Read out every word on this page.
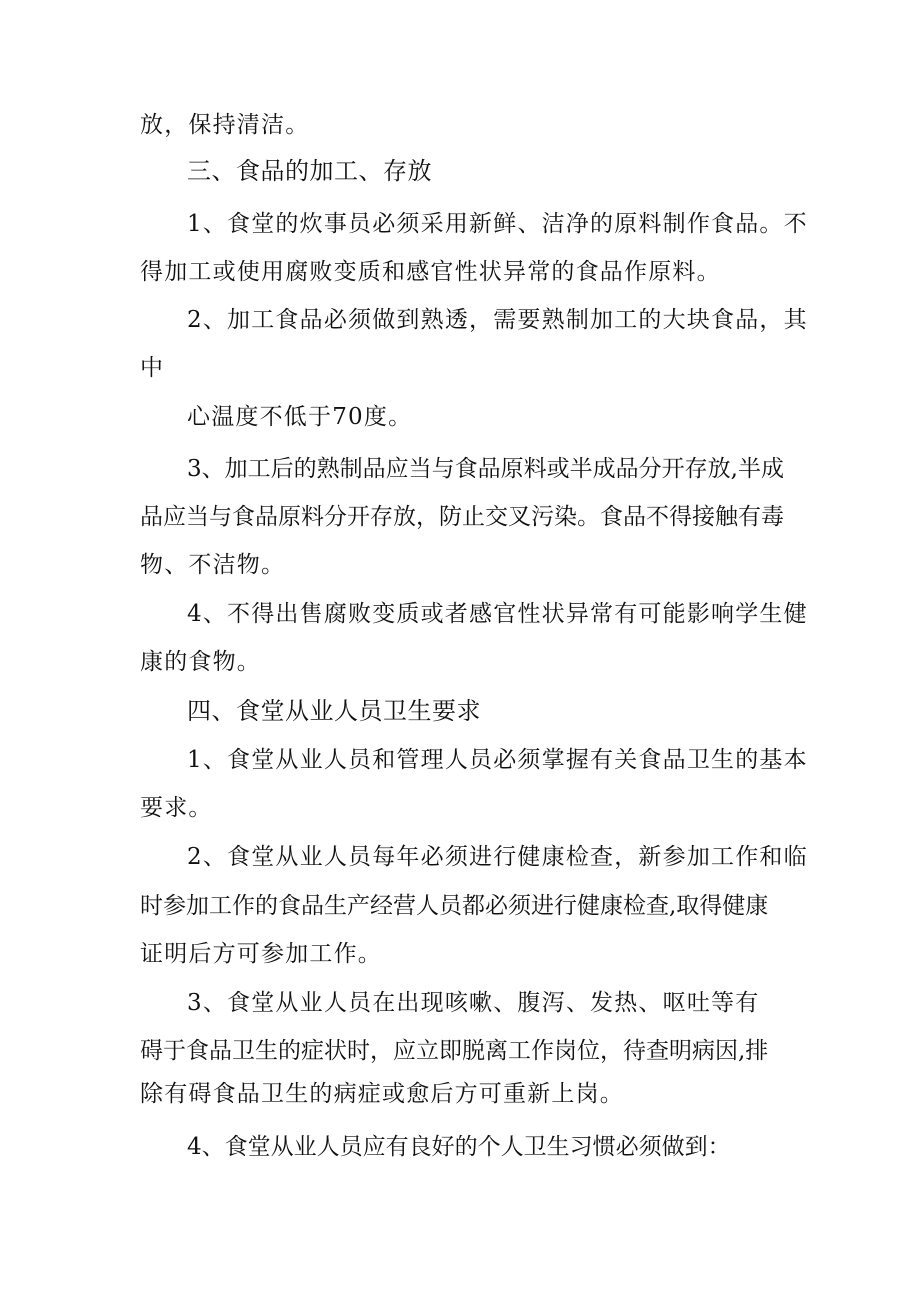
放，保持清洁。
三、食品的加工、存放
1、食堂的炊事员必须采用新鲜、洁净的原料制作食品。不
得加工或使用腐败变质和感官性状异常的食品作原料。
2、加工食品必须做到熟透，需要熟制加工的大块食品，其
中
心温度不低于70度。
3、加工后的熟制品应当与食品原料或半成品分开存放,半成
品应当与食品原料分开存放，防止交叉污染。食品不得接触有毒
物、不洁物。
4、不得出售腐败变质或者感官性状异常有可能影响学生健
康的食物。
四、食堂从业人员卫生要求
1、食堂从业人员和管理人员必须掌握有关食品卫生的基本
要求。
2、食堂从业人员每年必须进行健康检查，新参加工作和临
时参加工作的食品生产经营人员都必须进行健康检查,取得健康
证明后方可参加工作。
3、食堂从业人员在出现咳嗽、腹泻、发热、呕吐等有
碍于食品卫生的症状时，应立即脱离工作岗位，待查明病因,排
除有碍食品卫生的病症或愈后方可重新上岗。
4、食堂从业人员应有良好的个人卫生习惯必须做到：
